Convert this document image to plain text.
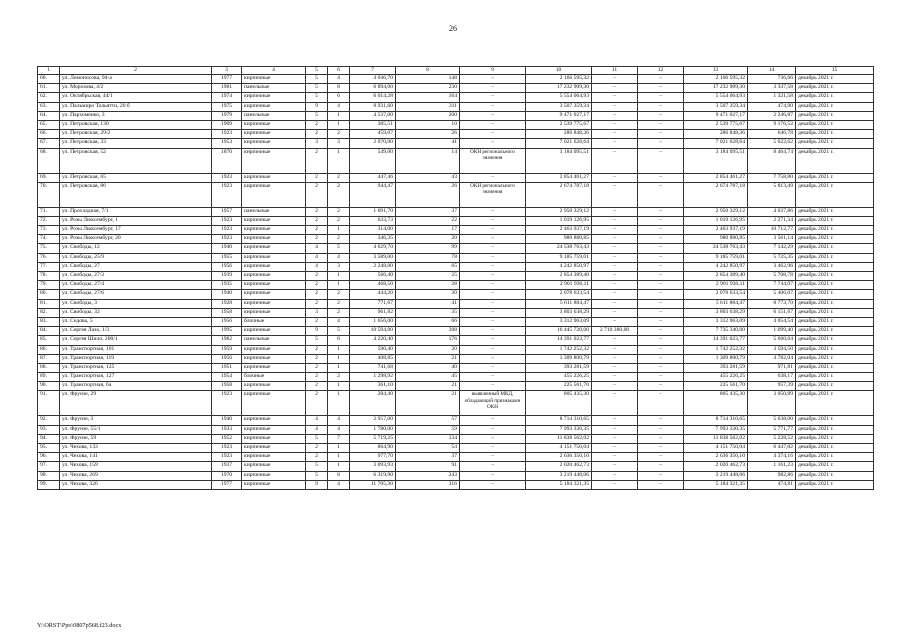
26
1	2	3	4	5	6	7	8	9	10	11	12	13	14	15
60.	ул. Ломоносова, 94-а	1977	кирпичные	5	4	4 046,70	148	–	2 166 595,32	–	–	2 166 595,32	736,66	декабрь 2021 г.
61.	ул. Морозова, 4/2	1981	панельные	5	8	6 894,00	230	–	17 232 909,30	–	–	17 232 909,30	3 337,58	декабрь 2021 г.
62.	ул. Октябрьская, 44/1	1974	кирпичные	5	6	6 014,28	164	–	5 554 064,93	–	–	5 554 064,93	1 321,58	декабрь 2021 г.
63.	ул. Пальмиро Тольятти, 20 б	1975	кирпичные	9	4	8 931,60	311	–	3 507 359,34	–	–	3 507 359,34	474,90	декабрь 2021 г.
64.	ул. Пархоменко, 3	1979	панельные	5	1	4 537,00	200	–	9 471 027,17	–	–	9 471 027,17	2 246,87	декабрь 2021 г.
65.	ул. Петровская, 130	1909	кирпичные	2	1	385,51	10	–	2 539 775,67	–	–	2 539 775,67	9 176,52	декабрь 2021 г.
66.	ул. Петровская, 29/2	1923	кирпичные	2	2	459,07	26	–	286 848,36	–	–	286 848,36	646,78	декабрь 2021 г.
67.	ул. Петровская, 33	1953	кирпичные	3	3	2 070,00	41	–	7 021 628,64	–	–	7 021 628,64	5 022,62	декабрь 2021 г.
68.	ул. Петровская, 52	1870	кирпичные	2	1	549,00	14	ОКН регионального значения	3 184 095,51	–	–	3 184 095,51	8 464,74	декабрь 2021 г.
69.	ул. Петровская, 65	1923	кирпичные	2	2	447,46	43	–	2 854 461,27	–	–	2 854 461,27	7 758,80	декабрь 2021 г.
70.	ул. Петровская, 86	1923	кирпичные	2	2	944,47	26	ОКН регионального значения	2 674 787,18	–	–	2 674 787,18	5 813,49	декабрь 2021 г.
71.	ул. Прохладная, 7/1	1957	панельные	2	2	1 091,70	37	–	2 950 329,12	–	–	2 950 329,12	4 037,86	декабрь 2021 г.
72.	ул. Розы Люксембург, 1	1923	кирпичные	2	2	633,73	22	–	1 019 126,95	–	–	1 019 126,95	2 271,34	декабрь 2021 г.
73.	ул. Розы Люксембург, 17	1923	кирпичные	2	1	314,00	17	–	2 463 937,19	–	–	2 463 937,19	10 712,77	декабрь 2021 г.
74.	ул. Розы Люксембург, 20	1923	кирпичные	2	2	346,35	20	–	980 880,85	–	–	980 880,85	3 561,14	декабрь 2021 г.
75.	ул. Свободы, 12	1940	кирпичные	4	5	4 629,70	99	–	24 538 763,43	–	–	24 538 763,43	7 142,29	декабрь 2021 г.
76.	ул. Свободы, 25/9	1955	кирпичные	4	4	3 589,00	78	–	9 185 759,01	–	–	9 185 759,01	5 725,35	декабрь 2021 г.
77.	ул. Свободы, 27	1956	кирпичные	4	3	2 248,00	65	–	4 242 850,97	–	–	4 242 850,97	3 462,96	декабрь 2021 г.
78.	ул. Свободы, 27/3	1939	кирпичные	2	1	566,40	25	–	2 854 389,40	–	–	2 854 389,40	5 708,78	декабрь 2021 г.
79.	ул. Свободы, 27/4	1935	кирпичные	2	1	468,50	28	–	2 901 936,11	–	–	2 901 936,11	7 744,07	декабрь 2021 г.
80.	ул. Свободы, 27/6	1940	кирпичные	2	2	444,20	30	–	2 078 633,54	–	–	2 078 633,54	5 406,07	декабрь 2021 г.
81.	ул. Свободы, 3	1928	кирпичные	2	2	771,67	41	–	5 611 884,47	–	–	5 611 884,47	8 773,70	декабрь 2021 г.
82.	ул. Свободы, 32	1958	кирпичные	3	2	961,82	35	–	3 803 638,29	–	–	3 803 638,29	6 151,67	декабрь 2021 г.
83.	ул. Седова, 5	1956	блочные	2	4	1 656,00	66	–	3 312 963,09	–	–	3 312 963,09	4 054,54	декабрь 2021 г.
84.	ул. Сергея Лазо, 1/3	1995	кирпичные	9	5	10 594,00	398	–	16 445 720,00	2 710 380,00	–	7 735 340,00	1 099,40	декабрь 2021 г.
85.	ул. Сергея Шило, 200/1	1982	панельные	5	6	4 220,40	176	–	14 391 023,77	–	–	14 391 023,77	5 660,04	декабрь 2021 г.
86.	ул. Транспортная, 101	1959	кирпичные	2	1	590,40	20	–	1 742 252,32	–	–	1 742 252,32	3 594,50	декабрь 2021 г.
87.	ул. Транспортная, 119	1956	кирпичные	2	1	408,85	21	–	1 309 800,79	–	–	1 309 800,79	4 782,04	декабрь 2021 г.
88.	ул. Транспортная, 125	1951	кирпичные	2	1	741,68	40	–	393 281,59	–	–	393 281,59	971,81	декабрь 2021 г.
89.	ул. Транспортная, 127	1954	блочные	2	2	1 298,92	45	–	455 226,25	–	–	455 226,25	638,17	декабрь 2021 г.
90.	ул. Транспортная, 6а	1958	кирпичные	2	1	361,10	21	–	225 561,70	–	–	225 561,70	957,39	декабрь 2021 г.
91.	ул. Фрунзе, 29	1923	кирпичные	2	1	284,40	21	выявленный МКД, обладающий признаками ОКН	805 435,30	–	-	805 435,30	3 050,89	декабрь 2021 г.
92.	ул. Фрунзе, 3	1940	кирпичные	4	4	2 957,00	57	–	8 714 310,65	–	–	8 714 310,65	5 638,00	декабрь 2021 г.
93.	ул. Фрунзе, 55/1	1933	кирпичные	4	4	1 780,00	59	–	7 993 330,35	–	–	7 993 330,35	5 771,77	декабрь 2021 г.
94.	ул. Фрунзе, 59	1952	кирпичные	5	7	5 719,25	134	–	11 838 562,02	–	–	11 838 562,02	5 228,52	декабрь 2021 г.
95.	ул. Чехова, 133	1923	кирпичные	2	1	864,90	54	–	4 151 750,04	–	–	4 151 750,04	6 447,82	декабрь 2021 г.
96.	ул. Чехова, 141	1923	кирпичные	2	1	977,70	37	–	2 636 350,10	–	–	2 636 350,10	4 374,16	декабрь 2021 г.
97.	ул. Чехова, 159	1937	кирпичные	5	1	3 093,93	91	–	2 020 462,73	–	–	2 020 462,73	1 161,23	декабрь 2021 г.
98.	ул. Чехова, 269	1970	кирпичные	5	8	6 319,90	243	–	3 219 448,06	–	–	3 219 448,06	982,86	декабрь 2021 г.
99.	ул. Чехова, 326	1977	кирпичные	9	4	11 705,30	316	–	5 184 321,35	–	–	5 184 321,35	474,81	декабрь 2021 г.
Y:\ORST\Ppo\0807p568.f23.docx
